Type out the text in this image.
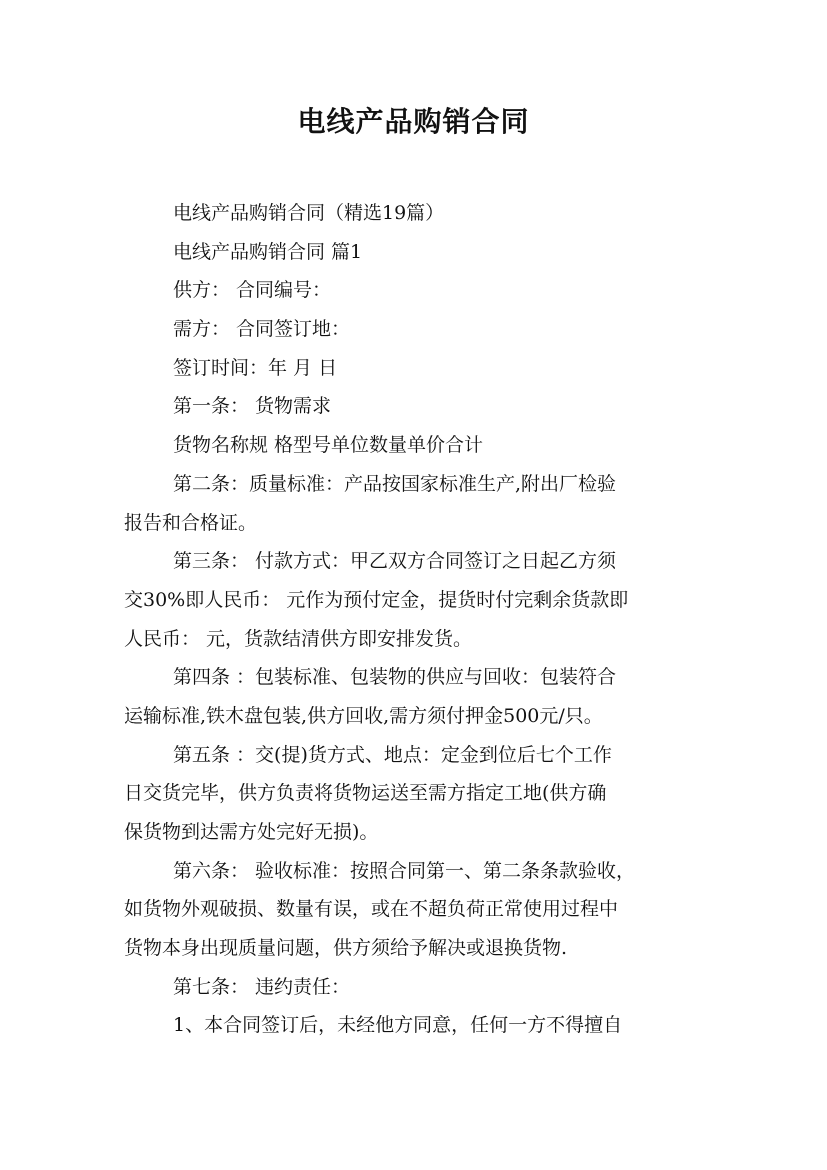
电线产品购销合同
电线产品购销合同（精选19篇）
电线产品购销合同 篇1
供方： 合同编号：
需方： 合同签订地：
签订时间：年 月 日
第一条： 货物需求
货物名称规 格型号单位数量单价合计
第二条：质量标准：产品按国家标准生产,附出厂检验
报告和合格证。
第三条： 付款方式：甲乙双方合同签订之日起乙方须
交30%即人民币： 元作为预付定金，提货时付完剩余货款即
人民币： 元，货款结清供方即安排发货。
第四条 ：包装标准、包装物的供应与回收：包装符合
运输标准,铁木盘包装,供方回收,需方须付押金500元/只。
第五条 ：交(提)货方式、地点：定金到位后七个工作
日交货完毕，供方负责将货物运送至需方指定工地(供方确
保货物到达需方处完好无损)。
第六条： 验收标准：按照合同第一、第二条条款验收，
如货物外观破损、数量有误，或在不超负荷正常使用过程中
货物本身出现质量问题，供方须给予解决或退换货物.
第七条： 违约责任：
1、本合同签订后，未经他方同意，任何一方不得擅自
